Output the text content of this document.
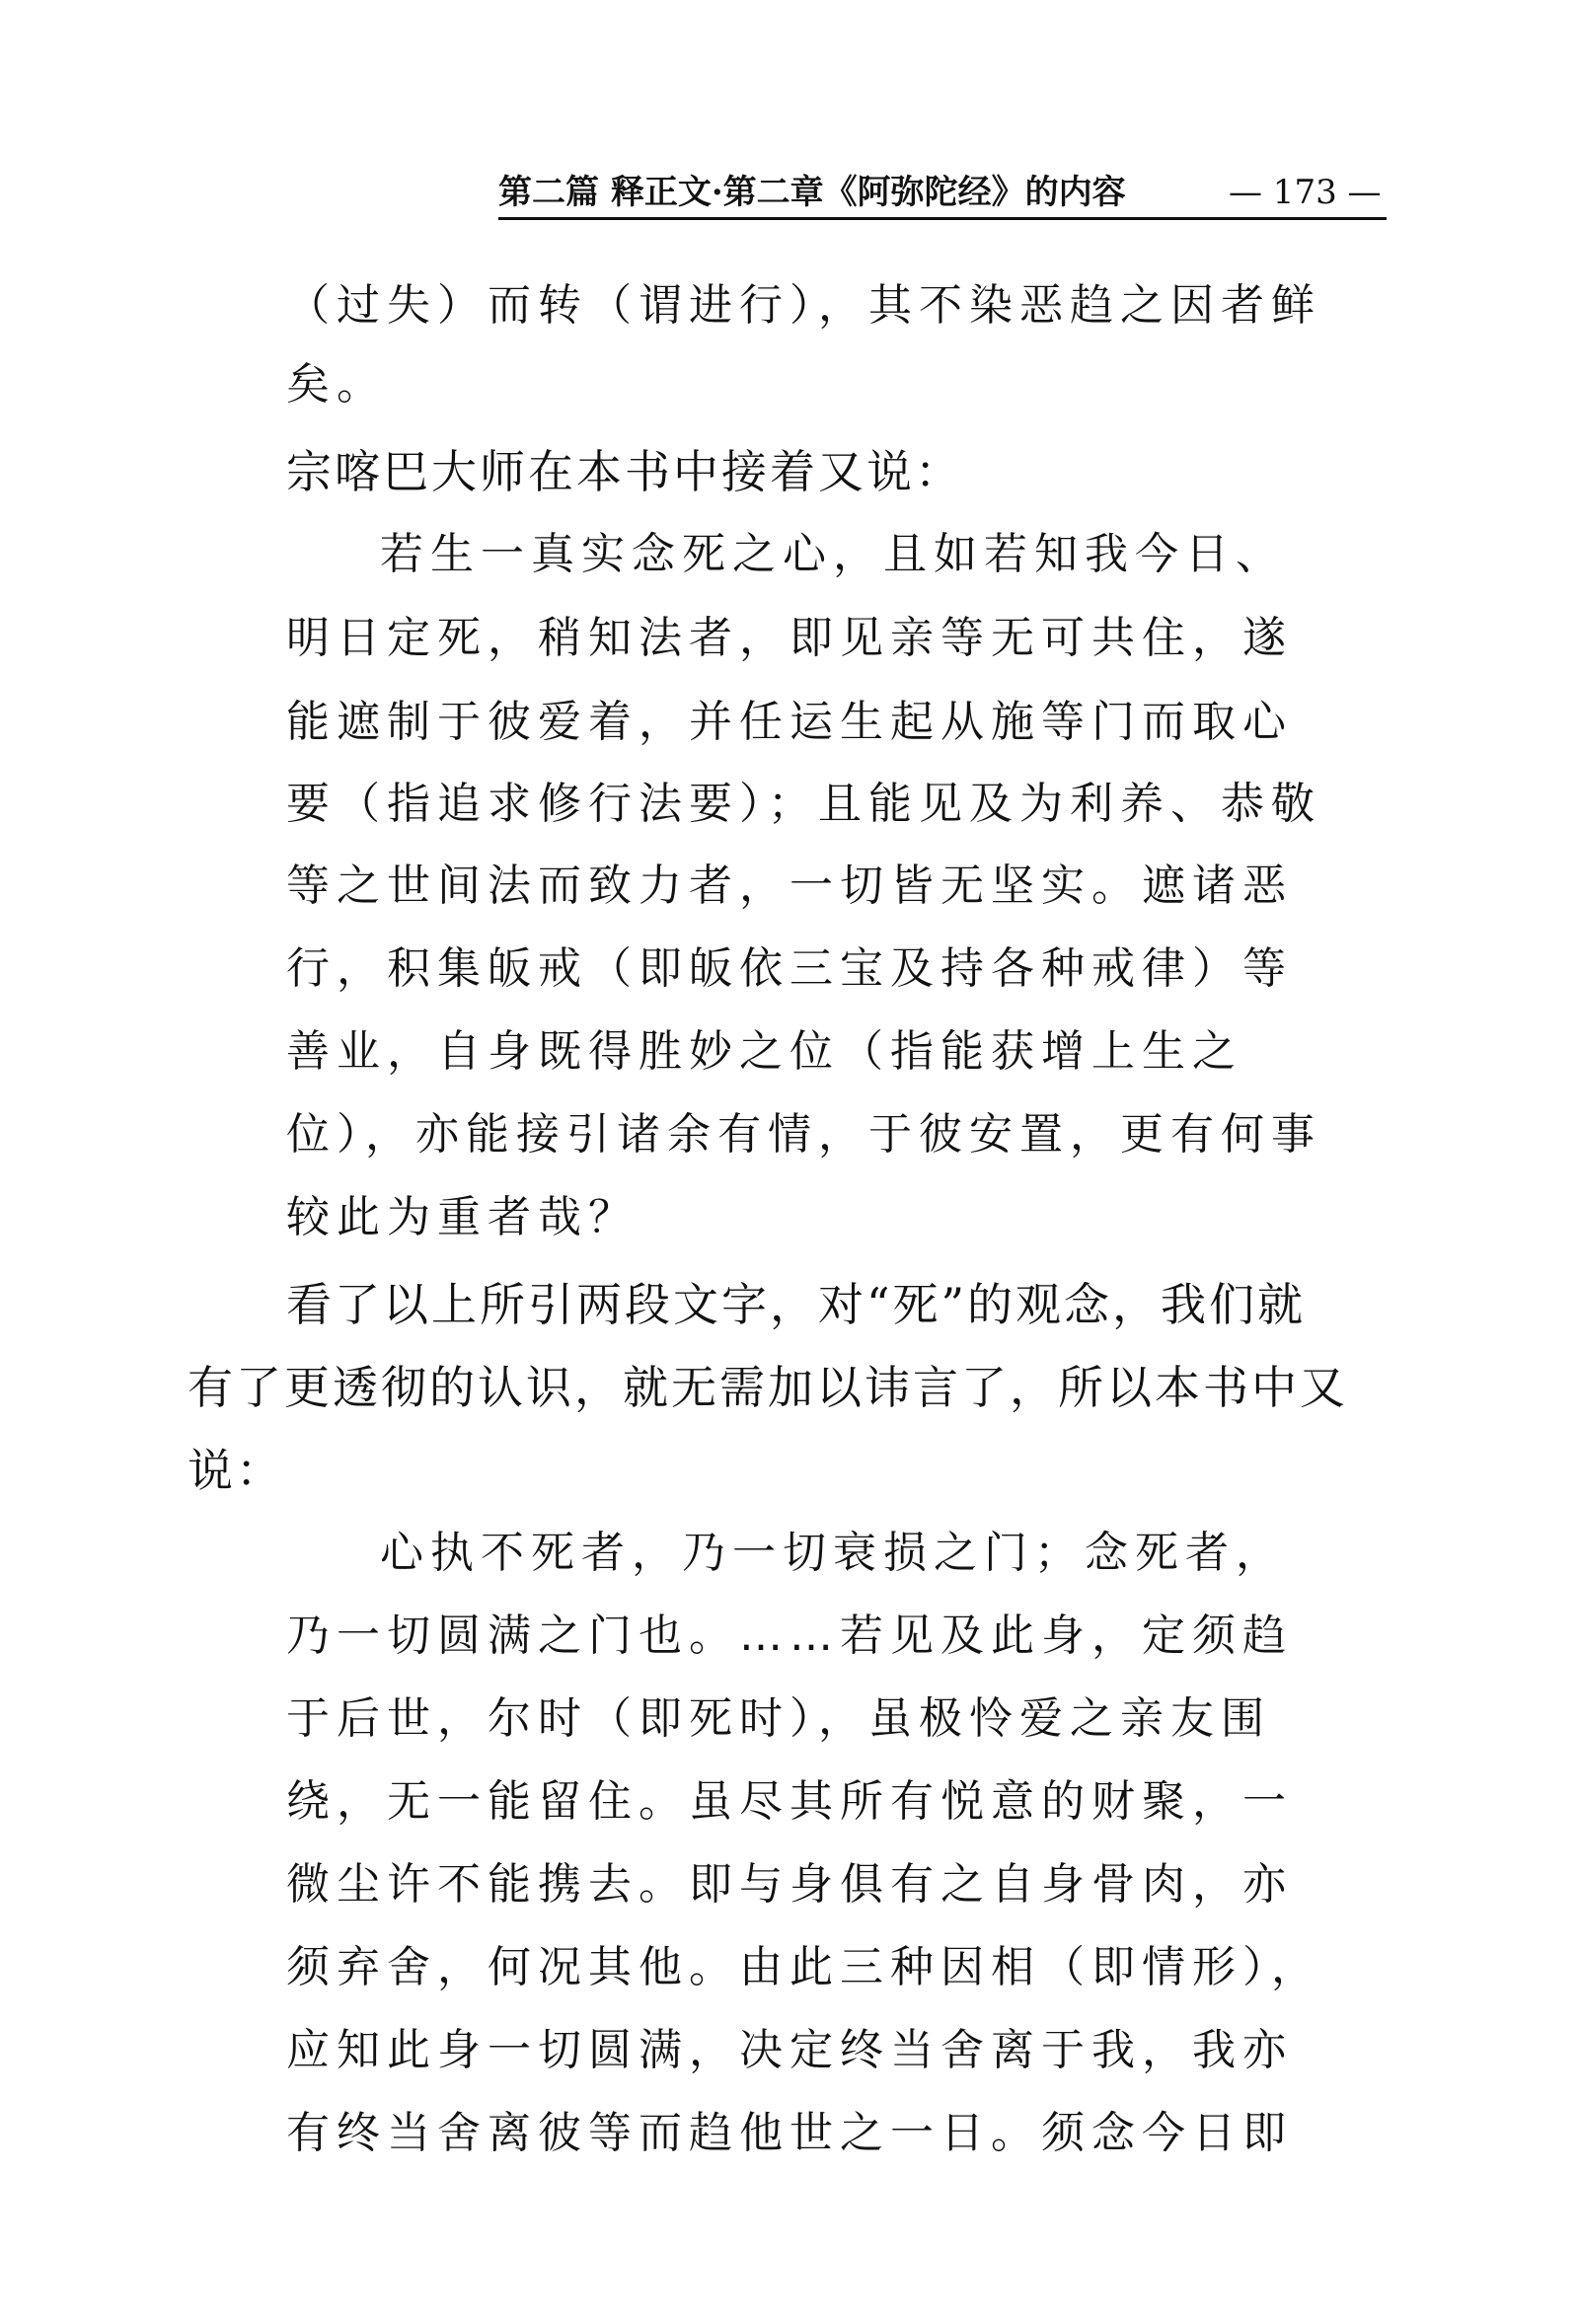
第二篇 释正文·第二章《阿弥陀经》的内容	— 173 —
（过失）而转（谓进行），其不染恶趋之因者鲜
矣。
宗喀巴大师在本书中接着又说：
若生一真实念死之心，且如若知我今日、
明日定死，稍知法者，即见亲等无可共住，遂
能遮制于彼爱着，并任运生起从施等门而取心
要（指追求修行法要）；且能见及为利养、恭敬
等之世间法而致力者，一切皆无坚实。遮诸恶
行，积集皈戒（即皈依三宝及持各种戒律）等
善业，自身既得胜妙之位（指能获增上生之
位），亦能接引诸余有情，于彼安置，更有何事
较此为重者哉？
看了以上所引两段文字，对“死”的观念，我们就
有了更透彻的认识，就无需加以讳言了，所以本书中又
说：
心执不死者，乃一切衰损之门；念死者，
乃一切圆满之门也。……若见及此身，定须趋
于后世，尔时（即死时），虽极怜爱之亲友围
绕，无一能留住。虽尽其所有悦意的财聚，一
微尘许不能携去。即与身俱有之自身骨肉，亦
须弃舍，何况其他。由此三种因相（即情形），
应知此身一切圆满，决定终当舍离于我，我亦
有终当舍离彼等而趋他世之一日。须念今日即
